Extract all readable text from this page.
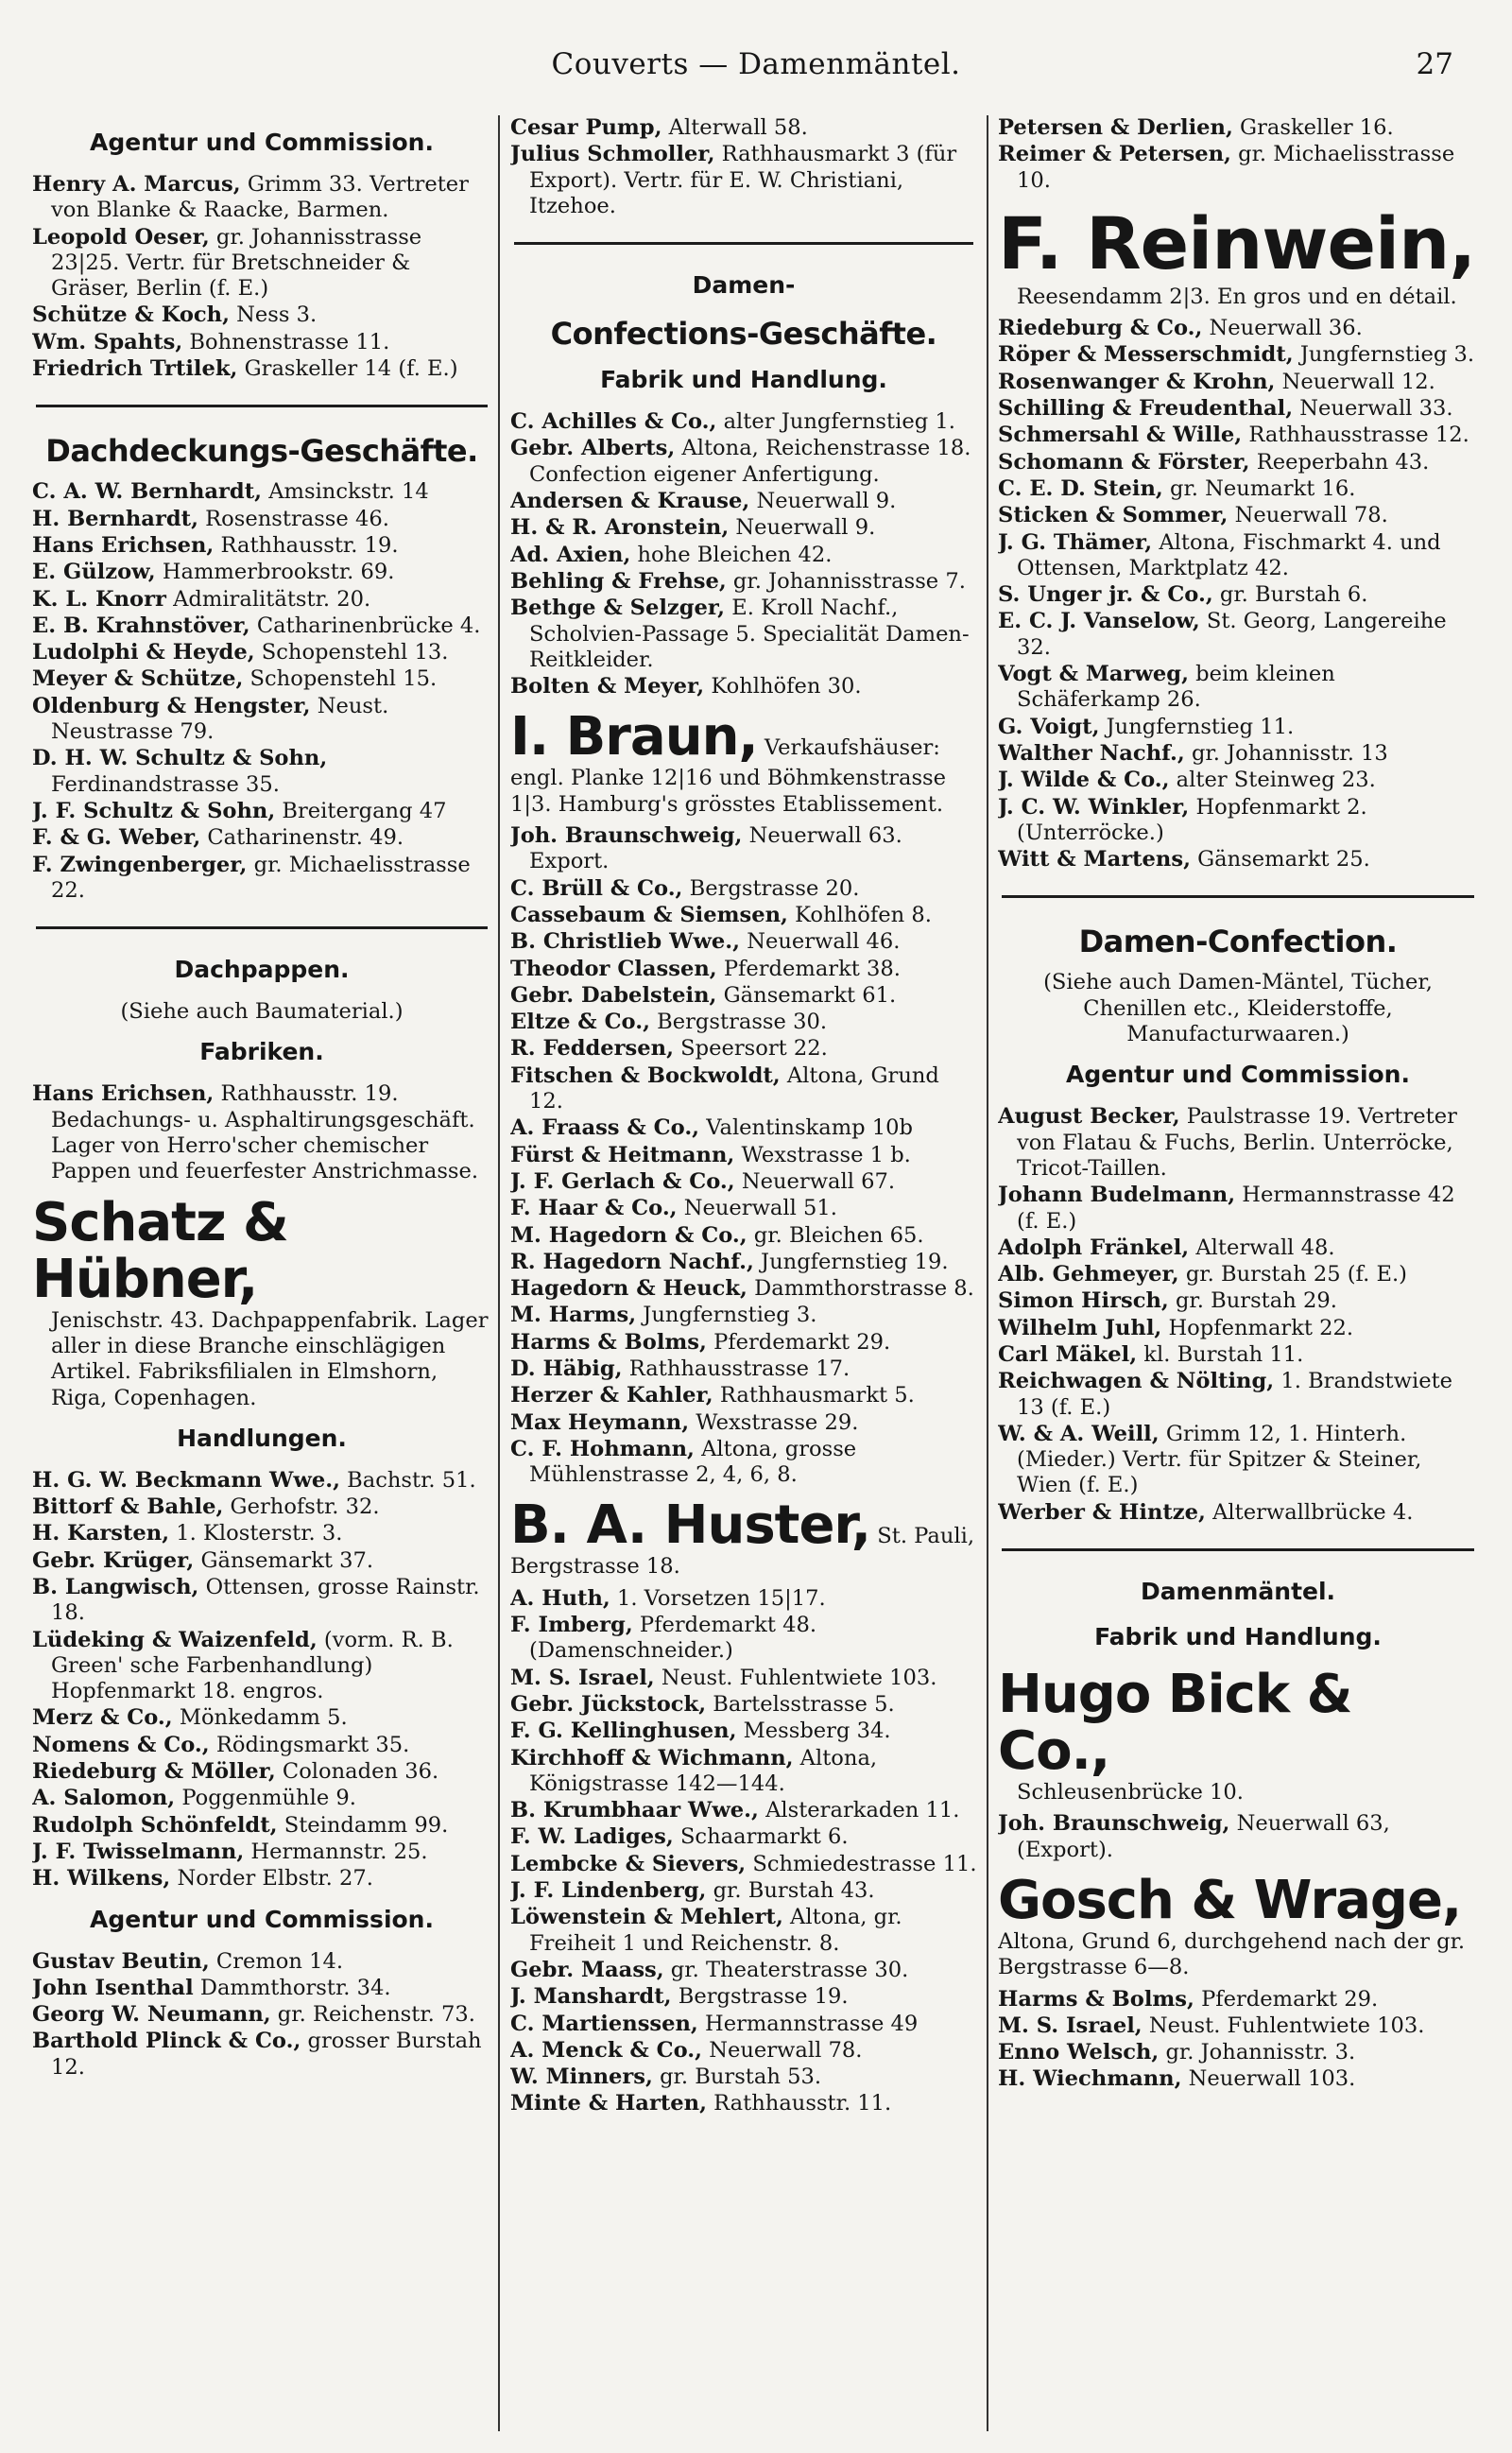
Couverts — Damenmäntel.	27
Agentur und Commission.
Henry A. Marcus, Grimm 33. Vertreter von Blanke & Raacke, Barmen.
Leopold Oeser, gr. Johannisstrasse 23|25. Vertr. für Bretschneider & Gräser, Berlin (f. E.)
Schütze & Koch, Ness 3.
Wm. Spahts, Bohnenstrasse 11.
Friedrich Trtilek, Graskeller 14 (f. E.)
Dachdeckungs-Geschäfte.
C. A. W. Bernhardt, Amsinckstr. 14
H. Bernhardt, Rosenstrasse 46.
Hans Erichsen, Rathhausstr. 19.
E. Gülzow, Hammerbrookstr. 69.
K. L. Knorr Admiralitätstr. 20.
E. B. Krahnstöver, Catharinenbrücke 4.
Ludolphi & Heyde, Schopenstehl 13.
Meyer & Schütze, Schopenstehl 15.
Oldenburg & Hengster, Neust. Neustrasse 79.
D. H. W. Schultz & Sohn, Ferdinandstrasse 35.
J. F. Schultz & Sohn, Breitergang 47
F. & G. Weber, Catharinenstr. 49.
F. Zwingenberger, gr. Michaelisstrasse 22.
Dachpappen.
(Siehe auch Baumaterial.)
Fabriken.
Hans Erichsen, Rathhausstr. 19. Bedachungs- u. Asphaltirungsgeschäft. Lager von Herro'scher chemischer Pappen und feuerfester Anstrichmasse.
Schatz & Hübner,
Jenischstr. 43. Dachpappenfabrik. Lager aller in diese Branche einschlägigen Artikel. Fabriksfilialen in Elmshorn, Riga, Copenhagen.
Handlungen.
H. G. W. Beckmann Wwe., Bachstr. 51.
Bittorf & Bahle, Gerhofstr. 32.
H. Karsten, 1. Klosterstr. 3.
Gebr. Krüger, Gänsemarkt 37.
B. Langwisch, Ottensen, grosse Rainstr. 18.
Lüdeking & Waizenfeld, (vorm. R. B. Green' sche Farbenhandlung) Hopfenmarkt 18. engros.
Merz & Co., Mönkedamm 5.
Nomens & Co., Rödingsmarkt 35.
Riedeburg & Möller, Colonaden 36.
A. Salomon, Poggenmühle 9.
Rudolph Schönfeldt, Steindamm 99.
J. F. Twisselmann, Hermannstr. 25.
H. Wilkens, Norder Elbstr. 27.
Agentur und Commission.
Gustav Beutin, Cremon 14.
John Isenthal Dammthorstr. 34.
Georg W. Neumann, gr. Reichenstr. 73.
Barthold Plinck & Co., grosser Burstah 12.
Cesar Pump, Alterwall 58.
Julius Schmoller, Rathhausmarkt 3 (für Export). Vertr. für E. W. Christiani, Itzehoe.
Damen-
Confections-Geschäfte.
Fabrik und Handlung.
C. Achilles & Co., alter Jungfernstieg 1.
Gebr. Alberts, Altona, Reichenstrasse 18. Confection eigener Anfertigung.
Andersen & Krause, Neuerwall 9.
H. & R. Aronstein, Neuerwall 9.
Ad. Axien, hohe Bleichen 42.
Behling & Frehse, gr. Johannisstrasse 7.
Bethge & Selzger, E. Kroll Nachf., Scholvien-Passage 5. Specialität Damen-Reitkleider.
Bolten & Meyer, Kohlhöfen 30.
I. Braun, Verkaufshäuser: engl. Planke 12|16 und Böhmkenstrasse 1|3. Hamburg's grösstes Etablissement.
Joh. Braunschweig, Neuerwall 63. Export.
C. Brüll & Co., Bergstrasse 20.
Cassebaum & Siemsen, Kohlhöfen 8.
B. Christlieb Wwe., Neuerwall 46.
Theodor Classen, Pferdemarkt 38.
Gebr. Dabelstein, Gänsemarkt 61.
Eltze & Co., Bergstrasse 30.
R. Feddersen, Speersort 22.
Fitschen & Bockwoldt, Altona, Grund 12.
A. Fraass & Co., Valentinskamp 10b
Fürst & Heitmann, Wexstrasse 1 b.
J. F. Gerlach & Co., Neuerwall 67.
F. Haar & Co., Neuerwall 51.
M. Hagedorn & Co., gr. Bleichen 65.
R. Hagedorn Nachf., Jungfernstieg 19.
Hagedorn & Heuck, Dammthorstrasse 8.
M. Harms, Jungfernstieg 3.
Harms & Bolms, Pferdemarkt 29.
D. Häbig, Rathhausstrasse 17.
Herzer & Kahler, Rathhausmarkt 5.
Max Heymann, Wexstrasse 29.
C. F. Hohmann, Altona, grosse Mühlenstrasse 2, 4, 6, 8.
B. A. Huster, St. Pauli, Bergstrasse 18.
A. Huth, 1. Vorsetzen 15|17.
F. Imberg, Pferdemarkt 48. (Damenschneider.)
M. S. Israel, Neust. Fuhlentwiete 103.
Gebr. Jückstock, Bartelsstrasse 5.
F. G. Kellinghusen, Messberg 34.
Kirchhoff & Wichmann, Altona, Königstrasse 142—144.
B. Krumbhaar Wwe., Alsterarkaden 11.
F. W. Ladiges, Schaarmarkt 6.
Lembcke & Sievers, Schmiedestrasse 11.
J. F. Lindenberg, gr. Burstah 43.
Löwenstein & Mehlert, Altona, gr. Freiheit 1 und Reichenstr. 8.
Gebr. Maass, gr. Theaterstrasse 30.
J. Manshardt, Bergstrasse 19.
C. Martienssen, Hermannstrasse 49
A. Menck & Co., Neuerwall 78.
W. Minners, gr. Burstah 53.
Minte & Harten, Rathhausstr. 11.
Petersen & Derlien, Graskeller 16.
Reimer & Petersen, gr. Michaelisstrasse 10.
F. Reinwein,
Reesendamm 2|3. En gros und en détail.
Riedeburg & Co., Neuerwall 36.
Röper & Messerschmidt, Jungfernstieg 3.
Rosenwanger & Krohn, Neuerwall 12.
Schilling & Freudenthal, Neuerwall 33.
Schmersahl & Wille, Rathhausstrasse 12.
Schomann & Förster, Reeperbahn 43.
C. E. D. Stein, gr. Neumarkt 16.
Sticken & Sommer, Neuerwall 78.
J. G. Thämer, Altona, Fischmarkt 4. und Ottensen, Marktplatz 42.
S. Unger jr. & Co., gr. Burstah 6.
E. C. J. Vanselow, St. Georg, Langereihe 32.
Vogt & Marweg, beim kleinen Schäferkamp 26.
G. Voigt, Jungfernstieg 11.
Walther Nachf., gr. Johannisstr. 13
J. Wilde & Co., alter Steinweg 23.
J. C. W. Winkler, Hopfenmarkt 2. (Unterröcke.)
Witt & Martens, Gänsemarkt 25.
Damen-Confection.
(Siehe auch Damen-Mäntel, Tücher, Chenillen etc., Kleiderstoffe, Manufacturwaaren.)
Agentur und Commission.
August Becker, Paulstrasse 19. Vertreter von Flatau & Fuchs, Berlin. Unterröcke, Tricot-Taillen.
Johann Budelmann, Hermannstrasse 42 (f. E.)
Adolph Fränkel, Alterwall 48.
Alb. Gehmeyer, gr. Burstah 25 (f. E.)
Simon Hirsch, gr. Burstah 29.
Wilhelm Juhl, Hopfenmarkt 22.
Carl Mäkel, kl. Burstah 11.
Reichwagen & Nölting, 1. Brandstwiete 13 (f. E.)
W. & A. Weill, Grimm 12, 1. Hinterh. (Mieder.) Vertr. für Spitzer & Steiner, Wien (f. E.)
Werber & Hintze, Alterwallbrücke 4.
Damenmäntel.
Fabrik und Handlung.
Hugo Bick & Co.,
Schleusenbrücke 10.
Joh. Braunschweig, Neuerwall 63, (Export).
Gosch & Wrage, Altona, Grund 6, durchgehend nach der gr. Bergstrasse 6—8.
Harms & Bolms, Pferdemarkt 29.
M. S. Israel, Neust. Fuhlentwiete 103.
Enno Welsch, gr. Johannisstr. 3.
H. Wiechmann, Neuerwall 103.
